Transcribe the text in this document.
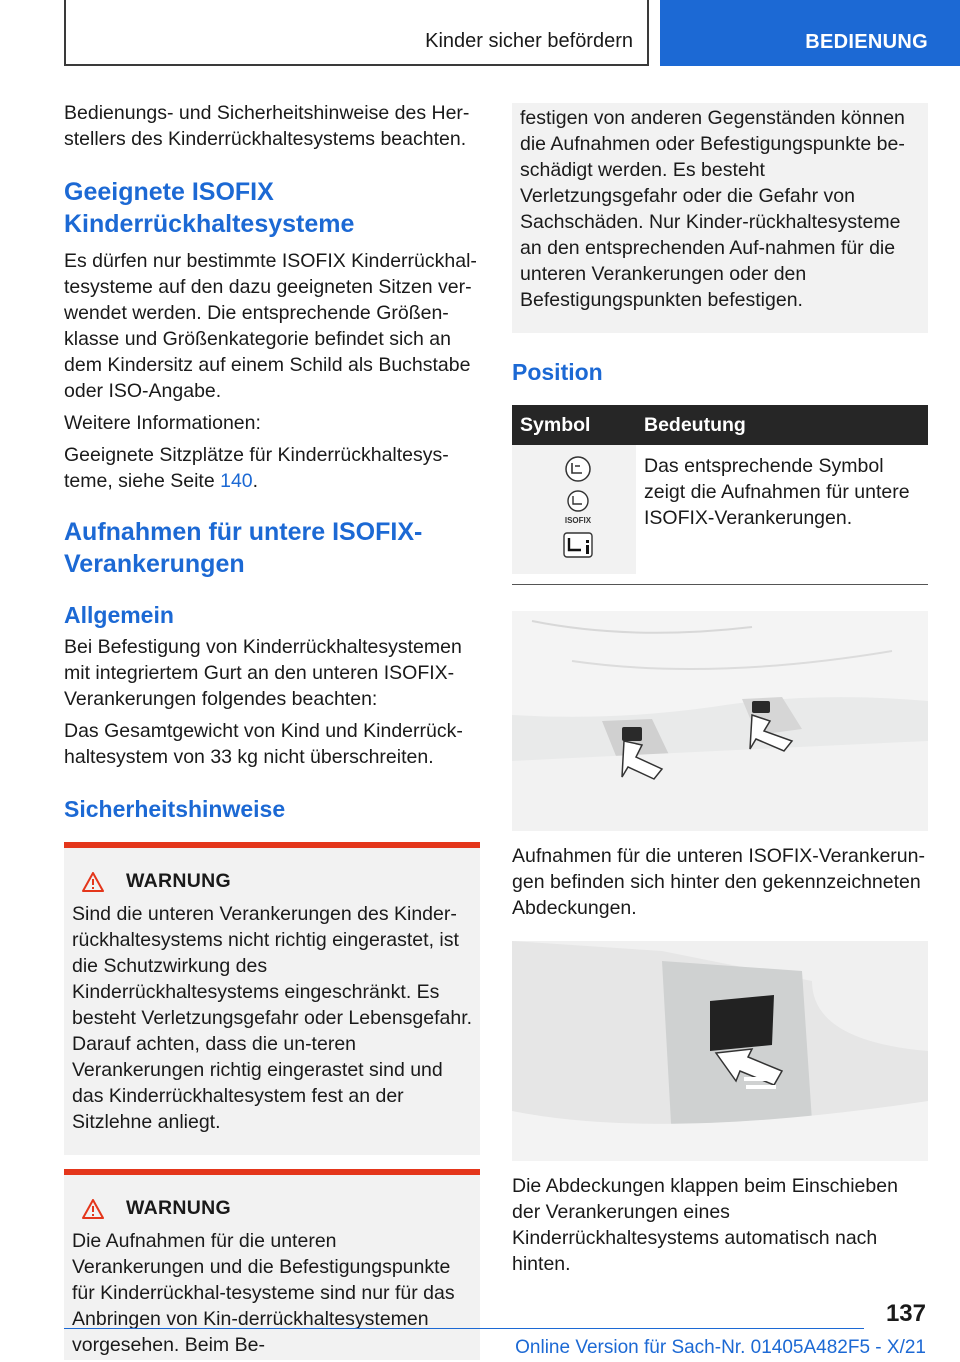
Kinder sicher befördern	BEDIENUNG

Bedienungs- und Sicherheitshinweise des Her-stellers des Kinderrückhaltesystems beachten.

Geeignete ISOFIX Kinderrückhaltesysteme

Es dürfen nur bestimmte ISOFIX Kinderrückhal-tesysteme auf den dazu geeigneten Sitzen ver-wendet werden. Die entsprechende Größen-klasse und Größenkategorie befindet sich an dem Kindersitz auf einem Schild als Buchstabe oder ISO-Angabe.

Weitere Informationen:

Geeignete Sitzplätze für Kinderrückhaltesys-teme, siehe Seite 140.

Aufnahmen für untere ISOFIX-Verankerungen
Allgemein

Bei Befestigung von Kinderrückhaltesystemen mit integriertem Gurt an den unteren ISOFIX-Verankerungen folgendes beachten:

Das Gesamtgewicht von Kind und Kinderrück-haltesystem von 33 kg nicht überschreiten.

Sicherheitshinweise
WARNUNG

Sind die unteren Verankerungen des Kinder-rückhaltesystems nicht richtig eingerastet, ist die Schutzwirkung des Kinderrückhaltesystems eingeschränkt. Es besteht Verletzungsgefahr oder Lebensgefahr. Darauf achten, dass die un-teren Verankerungen richtig eingerastet sind und das Kinderrückhaltesystem fest an der Sitzlehne anliegt.

WARNUNG

Die Aufnahmen für die unteren Verankerungen und die Befestigungspunkte für Kinderrückhal-tesysteme sind nur für das Anbringen von Kin-derrückhaltesystemen vorgesehen. Beim Be-

festigen von anderen Gegenständen können die Aufnahmen oder Befestigungspunkte be-schädigt werden. Es besteht Verletzungsgefahr oder die Gefahr von Sachschäden. Nur Kinder-rückhaltesysteme an den entsprechenden Auf-nahmen für die unteren Verankerungen oder den Befestigungspunkten befestigen.

Position
Symbol	Bedeutung

ISOFIX	Das entsprechende Symbol zeigt die Aufnahmen für untere ISOFIX-Verankerungen.

Aufnahmen für die unteren ISOFIX-Verankerun-gen befinden sich hinter den gekennzeichneten Abdeckungen.

Die Abdeckungen klappen beim Einschieben der Verankerungen eines Kinderrückhaltesystems automatisch nach hinten.

137
Online Version für Sach-Nr. 01405A482F5 - X/21
